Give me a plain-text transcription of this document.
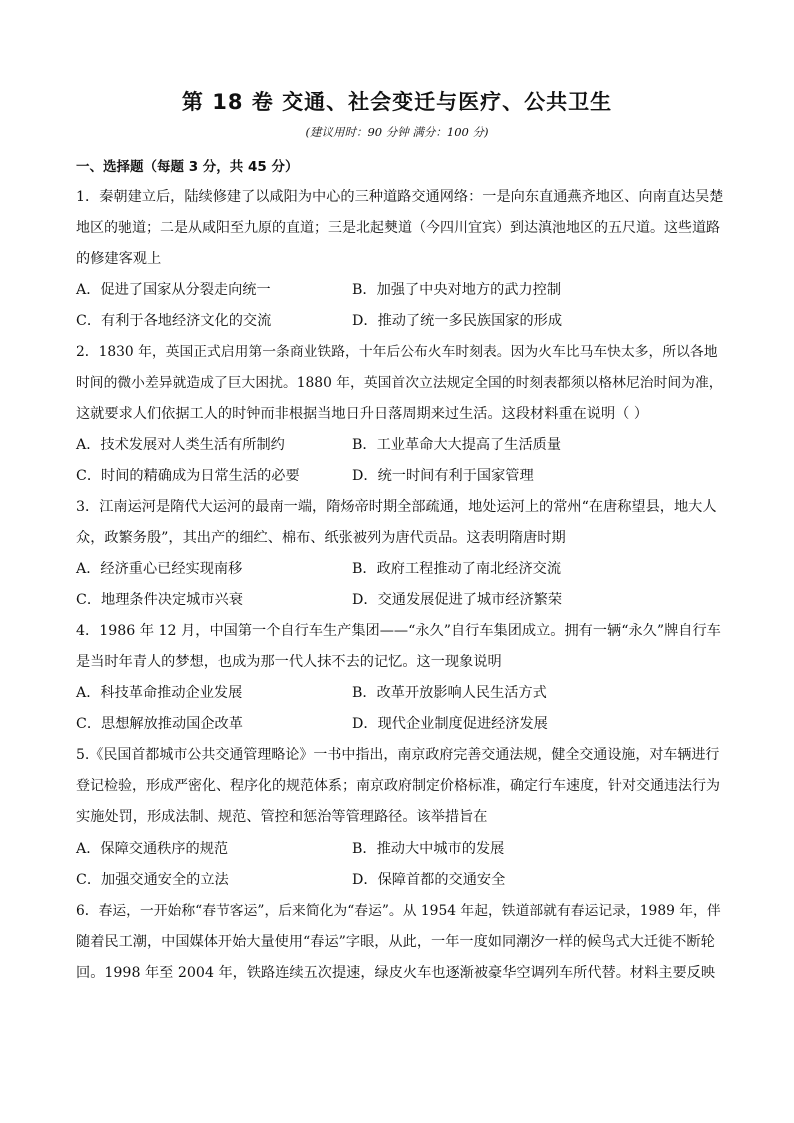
第 18 卷 交通、社会变迁与医疗、公共卫生
(建议用时：90 分钟 满分：100 分)
一、选择题（每题 3 分，共 45 分）
1．秦朝建立后，陆续修建了以咸阳为中心的三种道路交通网络：一是向东直通燕齐地区、向南直达吴楚
地区的驰道；二是从咸阳至九原的直道；三是北起僰道（今四川宜宾）到达滇池地区的五尺道。这些道路
的修建客观上
A．促进了国家从分裂走向统一	B．加强了中央对地方的武力控制
C．有利于各地经济文化的交流	D．推动了统一多民族国家的形成
2．1830 年，英国正式启用第一条商业铁路，十年后公布火车时刻表。因为火车比马车快太多，所以各地
时间的微小差异就造成了巨大困扰。1880 年，英国首次立法规定全国的时刻表都须以格林尼治时间为准，
这就要求人们依据工人的时钟而非根据当地日升日落周期来过生活。这段材料重在说明（ ）
A．技术发展对人类生活有所制约	B．工业革命大大提高了生活质量
C．时间的精确成为日常生活的必要	D．统一时间有利于国家管理
3．江南运河是隋代大运河的最南一端，隋炀帝时期全部疏通，地处运河上的常州“在唐称望县，地大人
众，政繁务殷”，其出产的细纻、棉布、纸张被列为唐代贡品。这表明隋唐时期
A．经济重心已经实现南移	B．政府工程推动了南北经济交流
C．地理条件决定城市兴衰	D．交通发展促进了城市经济繁荣
4．1986 年 12 月，中国第一个自行车生产集团——“永久”自行车集团成立。拥有一辆“永久”牌自行车
是当时年青人的梦想，也成为那一代人抹不去的记忆。这一现象说明
A．科技革命推动企业发展	B．改革开放影响人民生活方式
C．思想解放推动国企改革	D．现代企业制度促进经济发展
5.《民国首都城市公共交通管理略论》一书中指出，南京政府完善交通法规，健全交通设施，对车辆进行
登记检验，形成严密化、程序化的规范体系；南京政府制定价格标准，确定行车速度，针对交通违法行为
实施处罚，形成法制、规范、管控和惩治等管理路径。该举措旨在
A．保障交通秩序的规范	B．推动大中城市的发展
C．加强交通安全的立法	D．保障首都的交通安全
6．春运，一开始称“春节客运”，后来简化为“春运”。从 1954 年起，铁道部就有春运记录，1989 年，伴
随着民工潮，中国媒体开始大量使用“春运”字眼，从此，一年一度如同潮汐一样的候鸟式大迁徙不断轮
回。1998 年至 2004 年，铁路连续五次提速，绿皮火车也逐渐被豪华空调列车所代替。材料主要反映
